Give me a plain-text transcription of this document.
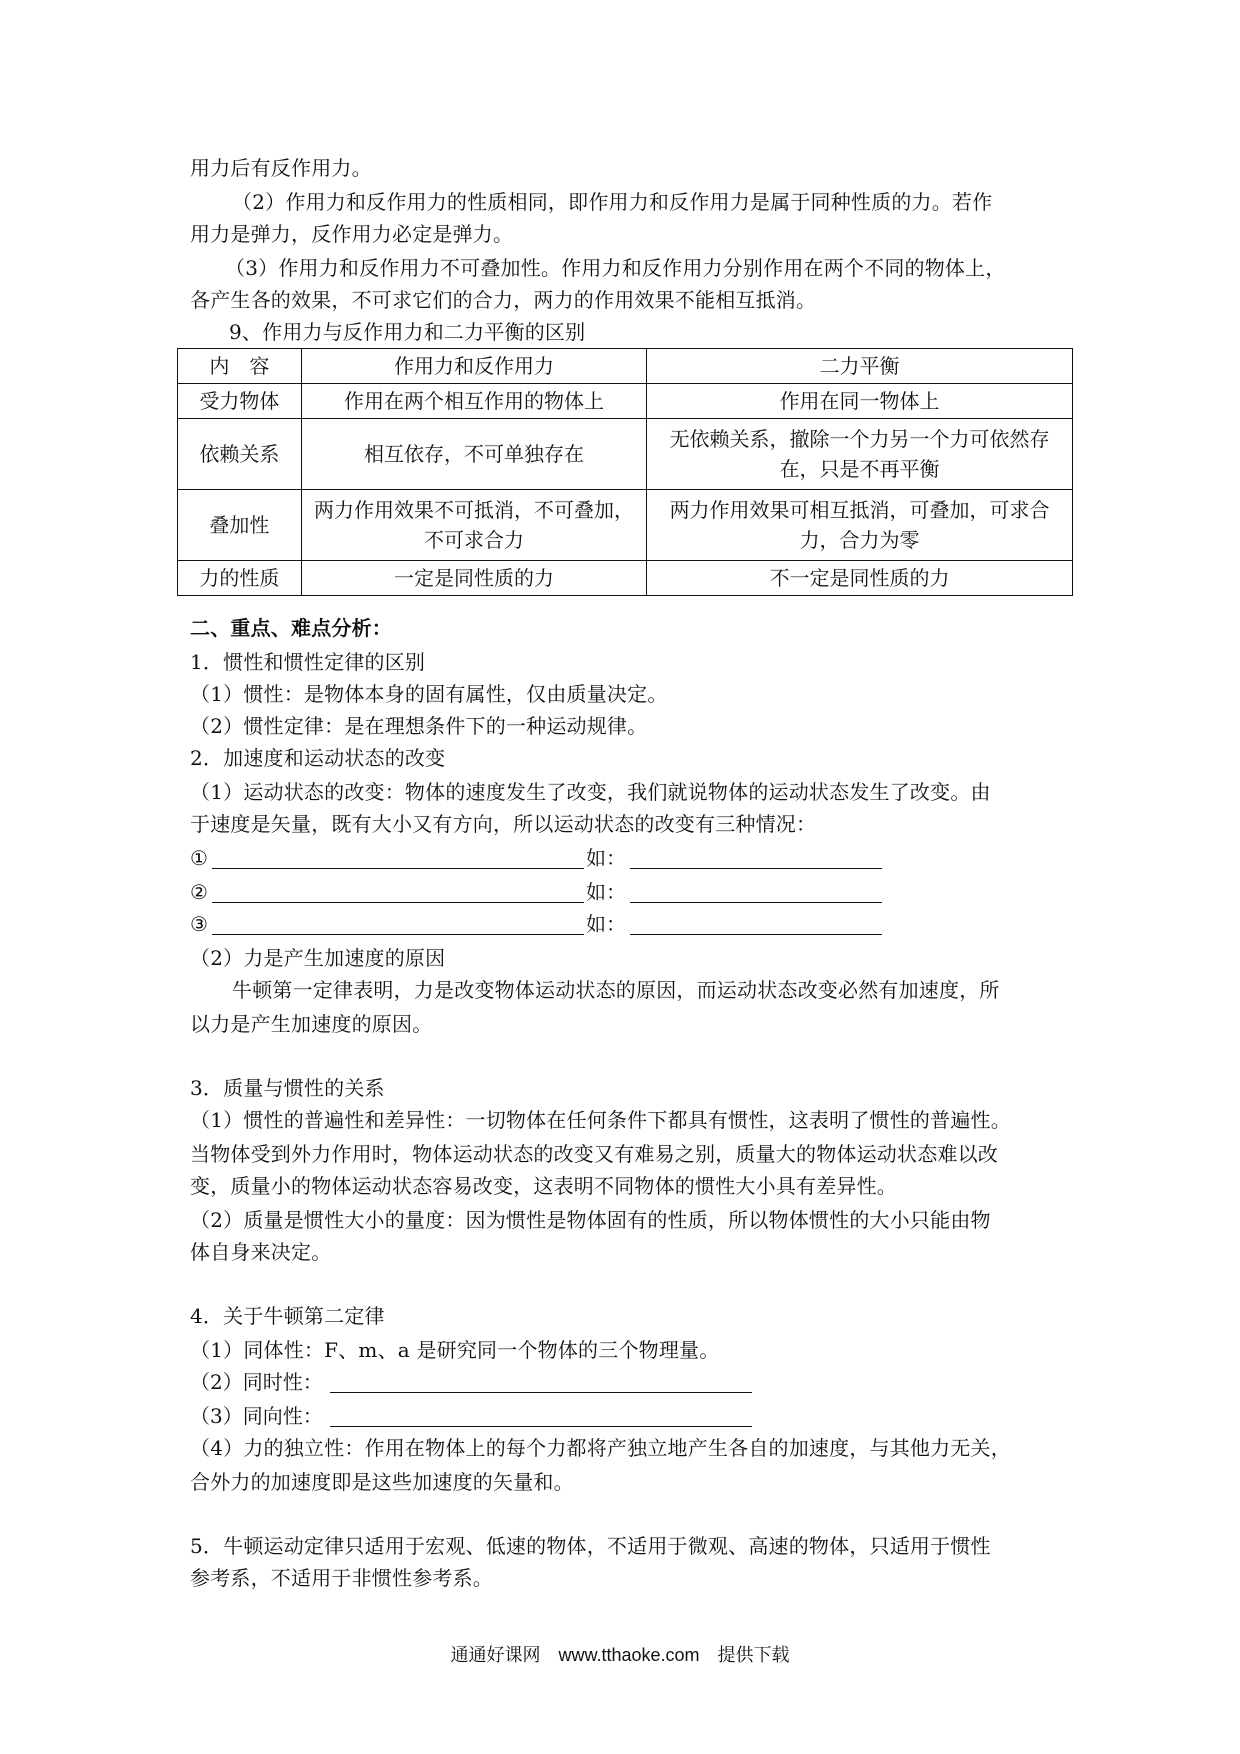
用力后有反作用力。
（2）作用力和反作用力的性质相同，即作用力和反作用力是属于同种性质的力。若作
用力是弹力，反作用力必定是弹力。
（3）作用力和反作用力不可叠加性。作用力和反作用力分别作用在两个不同的物体上，
各产生各的效果，不可求它们的合力，两力的作用效果不能相互抵消。
9、作用力与反作用力和二力平衡的区别
内　容	作用力和反作用力	二力平衡
受力物体	作用在两个相互作用的物体上	作用在同一物体上
依赖关系	相互依存，不可单独存在	无依赖关系，撤除一个力另一个力可依然存在，只是不再平衡
叠加性	两力作用效果不可抵消，不可叠加，不可求合力	两力作用效果可相互抵消，可叠加，可求合力，合力为零
力的性质	一定是同性质的力	不一定是同性质的力
二、重点、难点分析：
1．惯性和惯性定律的区别
（1）惯性：是物体本身的固有属性，仅由质量决定。
（2）惯性定律：是在理想条件下的一种运动规律。
2．加速度和运动状态的改变
（1）运动状态的改变：物体的速度发生了改变，我们就说物体的运动状态发生了改变。由
于速度是矢量，既有大小又有方向，所以运动状态的改变有三种情况：
①	如：
②	如：
③	如：
（2）力是产生加速度的原因
牛顿第一定律表明，力是改变物体运动状态的原因，而运动状态改变必然有加速度，所
以力是产生加速度的原因。
3．质量与惯性的关系
（1）惯性的普遍性和差异性：一切物体在任何条件下都具有惯性，这表明了惯性的普遍性。
当物体受到外力作用时，物体运动状态的改变又有难易之别，质量大的物体运动状态难以改
变，质量小的物体运动状态容易改变，这表明不同物体的惯性大小具有差异性。
（2）质量是惯性大小的量度：因为惯性是物体固有的性质，所以物体惯性的大小只能由物
体自身来决定。
4．关于牛顿第二定律
（1）同体性：F、m、a 是研究同一个物体的三个物理量。
（2）同时性：
（3）同向性：
（4）力的独立性：作用在物体上的每个力都将产独立地产生各自的加速度，与其他力无关，
合外力的加速度即是这些加速度的矢量和。
5．牛顿运动定律只适用于宏观、低速的物体，不适用于微观、高速的物体，只适用于惯性
参考系，不适用于非惯性参考系。
通通好课网　www.tthaoke.com　提供下载
